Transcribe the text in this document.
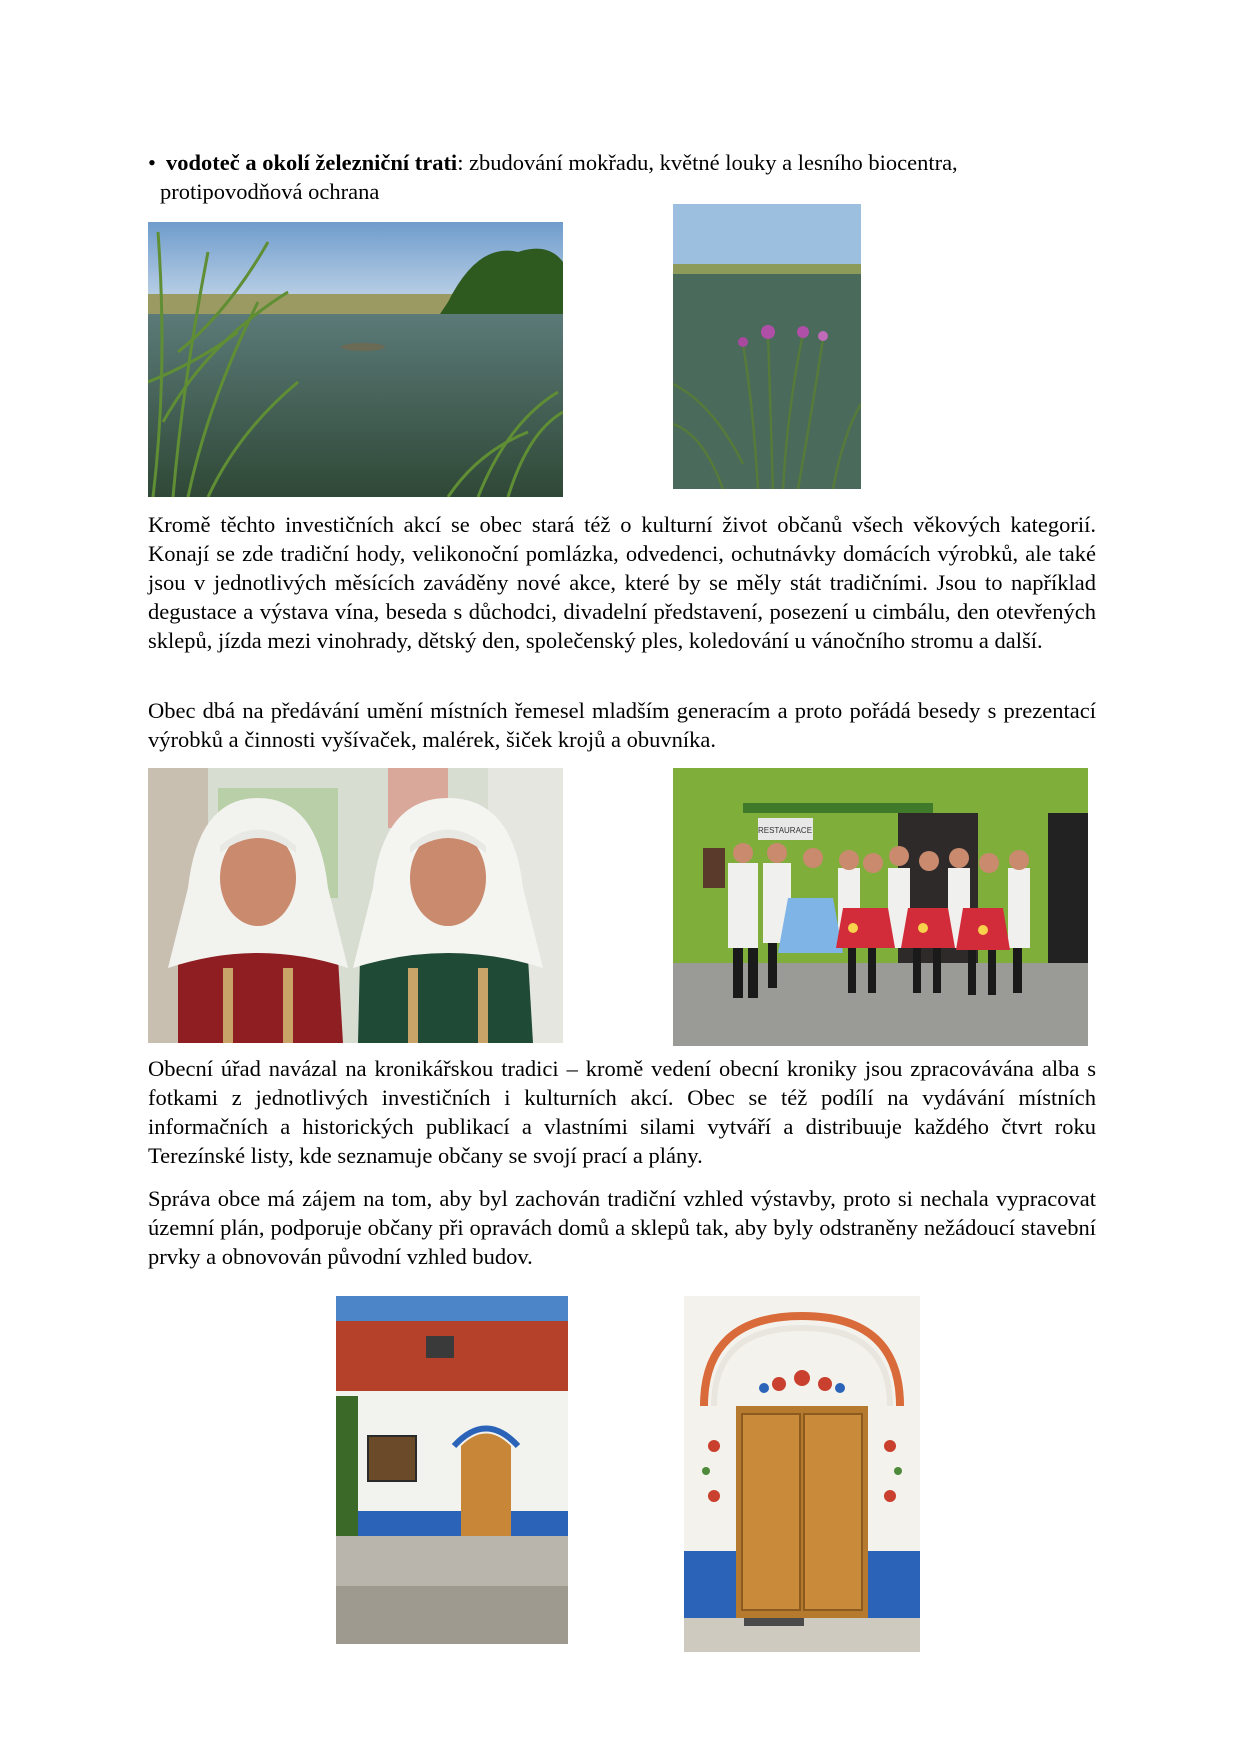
• vodoteč a okolí železniční trati: zbudování mokřadu, květné louky a lesního biocentra,
protipovodňová ochrana

Kromě těchto investičních akcí se obec stará též o kulturní život občanů všech věkových kategorií. Konají se zde tradiční hody, velikonoční pomlázka, odvedenci, ochutnávky domácích výrobků, ale také jsou v jednotlivých měsících zaváděny nové akce, které by se měly stát tradičními. Jsou to například degustace a výstava vína, beseda s důchodci, divadelní představení, posezení u cimbálu, den otevřených sklepů, jízda mezi vinohrady, dětský den, společenský ples, koledování u vánočního stromu a další.

Obec dbá na předávání umění místních řemesel mladším generacím a proto pořádá besedy s prezentací výrobků a činnosti vyšívaček, malérek, šiček krojů a obuvníka.

RESTAURACE

Obecní úřad navázal na kronikářskou tradici – kromě vedení obecní kroniky jsou zpracovávána alba s fotkami z jednotlivých investičních i kulturních akcí. Obec se též podílí na vydávání místních informačních a historických publikací a vlastními silami vytváří a distribuuje každého čtvrt roku Terezínské listy, kde seznamuje občany se svojí prací a plány.

Správa obce má zájem na tom, aby byl zachován tradiční vzhled výstavby, proto si nechala vypracovat územní plán, podporuje občany při opravách domů a sklepů tak, aby byly odstraněny nežádoucí stavební prvky a obnovován původní vzhled budov.
